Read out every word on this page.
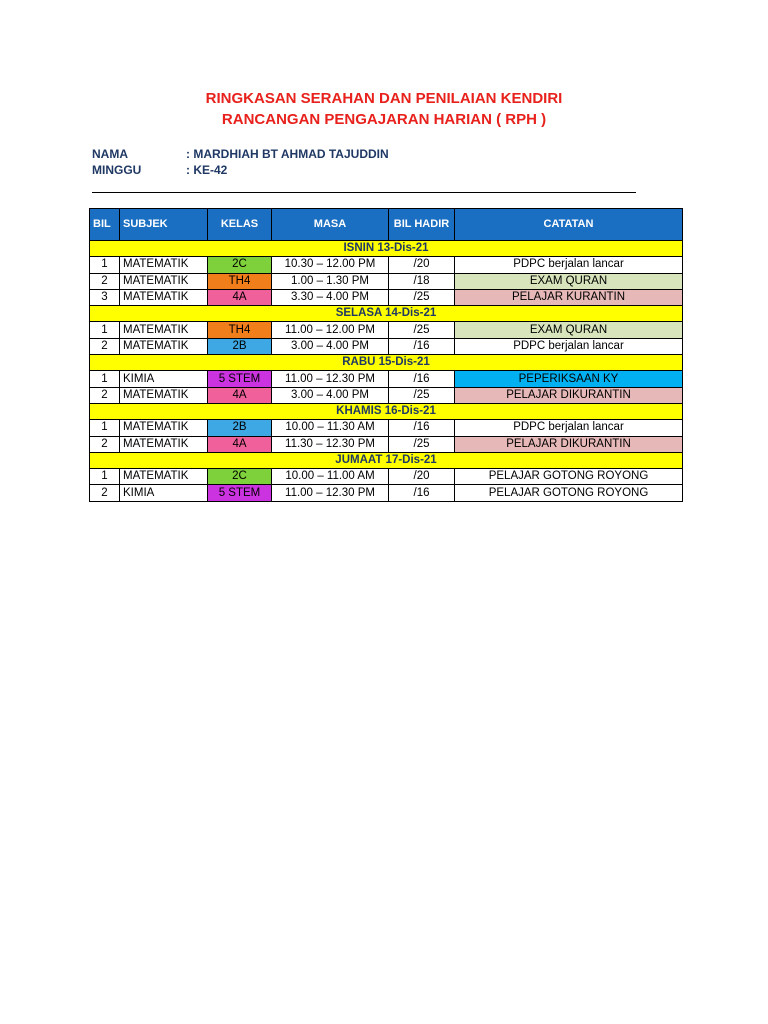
RINGKASAN SERAHAN DAN PENILAIAN KENDIRI
RANCANGAN PENGAJARAN HARIAN ( RPH )
NAMA	: MARDHIAH BT AHMAD TAJUDDIN
MINGGU	: KE-42
BIL	SUBJEK	KELAS	MASA	BIL HADIR	CATATAN
ISNIN 13-Dis-21					
1	MATEMATIK	2C	10.30 – 12.00 PM	/20	PDPC berjalan lancar
2	MATEMATIK	TH4	1.00 – 1.30 PM	/18	EXAM QURAN
3	MATEMATIK	4A	3.30 – 4.00 PM	/25	PELAJAR KURANTIN
SELASA 14-Dis-21					
1	MATEMATIK	TH4	11.00 – 12.00 PM	/25	EXAM QURAN
2	MATEMATIK	2B	3.00 – 4.00 PM	/16	PDPC berjalan lancar
RABU 15-Dis-21					
1	KIMIA	5 STEM	11.00 – 12.30 PM	/16	PEPERIKSAAN KY
2	MATEMATIK	4A	3.00 – 4.00 PM	/25	PELAJAR DIKURANTIN
KHAMIS 16-Dis-21					
1	MATEMATIK	2B	10.00 – 11.30 AM	/16	PDPC berjalan lancar
2	MATEMATIK	4A	11.30 – 12.30 PM	/25	PELAJAR DIKURANTIN
JUMAAT 17-Dis-21					
1	MATEMATIK	2C	10.00 – 11.00 AM	/20	PELAJAR GOTONG ROYONG
2	KIMIA	5 STEM	11.00 – 12.30 PM	/16	PELAJAR GOTONG ROYONG
